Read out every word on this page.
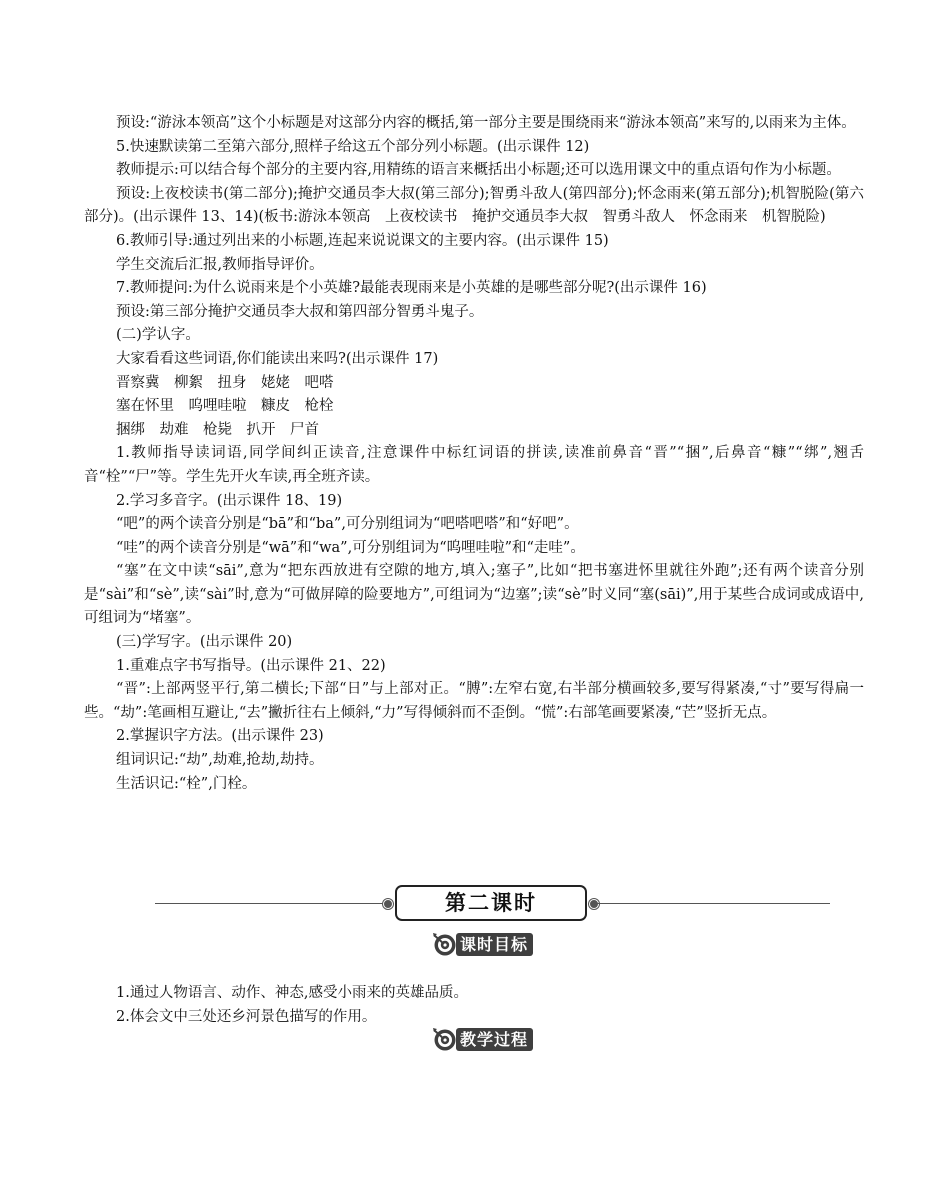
预设:“游泳本领高”这个小标题是对这部分内容的概括,第一部分主要是围绕雨来“游泳本领高”来写的,以雨来为主体。

5.快速默读第二至第六部分,照样子给这五个部分列小标题。(出示课件 12)

教师提示:可以结合每个部分的主要内容,用精练的语言来概括出小标题;还可以选用课文中的重点语句作为小标题。

预设:上夜校读书(第二部分);掩护交通员李大叔(第三部分);智勇斗敌人(第四部分);怀念雨来(第五部分);机智脱险(第六部分)。(出示课件 13、14)(板书:游泳本领高　上夜校读书　掩护交通员李大叔　智勇斗敌人　怀念雨来　机智脱险)

6.教师引导:通过列出来的小标题,连起来说说课文的主要内容。(出示课件 15)

学生交流后汇报,教师指导评价。

7.教师提问:为什么说雨来是个小英雄?最能表现雨来是小英雄的是哪些部分呢?(出示课件 16)

预设:第三部分掩护交通员李大叔和第四部分智勇斗鬼子。

(二)学认字。

大家看看这些词语,你们能读出来吗?(出示课件 17)

晋察冀　柳絮　扭身　姥姥　吧嗒

塞在怀里　呜哩哇啦　糠皮　枪栓

捆绑　劫难　枪毙　扒开　尸首

1.教师指导读词语,同学间纠正读音,注意课件中标红词语的拼读,读准前鼻音“晋”“捆”,后鼻音“糠”“绑”,翘舌音“栓”“尸”等。学生先开火车读,再全班齐读。

2.学习多音字。(出示课件 18、19)

“吧”的两个读音分别是“bā”和“ba”,可分别组词为“吧嗒吧嗒”和“好吧”。

“哇”的两个读音分别是“wā”和“wa”,可分别组词为“呜哩哇啦”和“走哇”。

“塞”在文中读“sāi”,意为“把东西放进有空隙的地方,填入;塞子”,比如“把书塞进怀里就往外跑”;还有两个读音分别是“sài”和“sè”,读“sài”时,意为“可做屏障的险要地方”,可组词为“边塞”;读“sè”时义同“塞(sāi)”,用于某些合成词或成语中,可组词为“堵塞”。

(三)学写字。(出示课件 20)

1.重难点字书写指导。(出示课件 21、22)

“晋”:上部两竖平行,第二横长;下部“日”与上部对正。“膊”:左窄右宽,右半部分横画较多,要写得紧凑,“寸”要写得扁一些。“劫”:笔画相互避让,“去”撇折往右上倾斜,“力”写得倾斜而不歪倒。“慌”:右部笔画要紧凑,“芒”竖折无点。

2.掌握识字方法。(出示课件 23)

组词识记:“劫”,劫难,抢劫,劫持。

生活识记:“栓”,门栓。

第二课时
课时目标

1.通过人物语言、动作、神态,感受小雨来的英雄品质。

2.体会文中三处还乡河景色描写的作用。

教学过程
